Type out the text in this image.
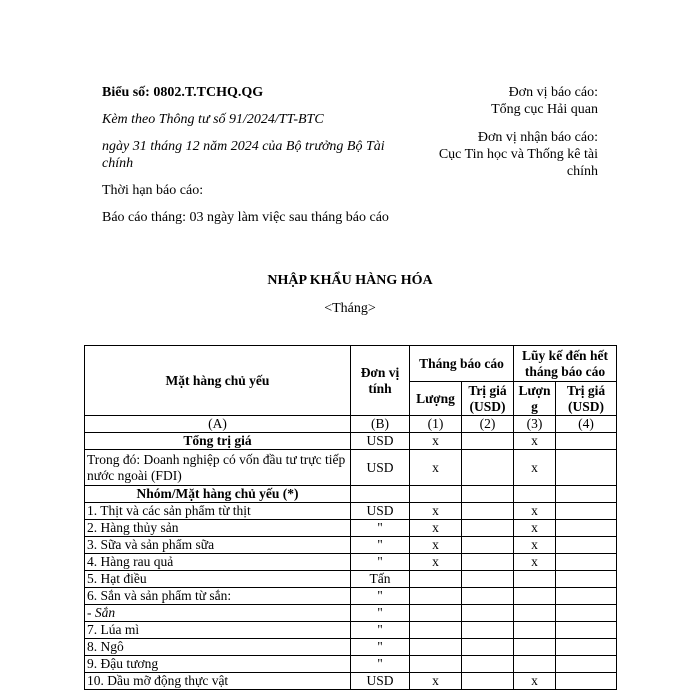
Biểu số: 0802.T.TCHQ.QG
Kèm theo Thông tư số 91/2024/TT-BTC
ngày 31 tháng 12 năm 2024 của Bộ trưởng Bộ Tài chính
Thời hạn báo cáo:
Báo cáo tháng: 03 ngày làm việc sau tháng báo cáo
Đơn vị báo cáo:
Tổng cục Hải quan
Đơn vị nhận báo cáo:
Cục Tin học và Thống kê tài chính
NHẬP KHẨU HÀNG HÓA
<Tháng>
Mặt hàng chủ yếu	Đơn vị tính	Tháng báo cáo		Lũy kế đến hết tháng báo cáo	
		Lượng	Trị giá (USD)	Lượn g	Trị giá (USD)
(A)	(B)	(1)	(2)	(3)	(4)
Tổng trị giá	USD	x		x	
Trong đó: Doanh nghiệp có vốn đầu tư trực tiếp nước ngoài (FDI)	USD	x		x	
Nhóm/Mặt hàng chủ yếu (*)					
1. Thịt và các sản phẩm từ thịt	USD	x		x	
2. Hàng thủy sản	"	x		x	
3. Sữa và sản phẩm sữa	"	x		x	
4. Hàng rau quả	"	x		x	
5. Hạt điều	Tấn				
6. Sắn và sản phẩm từ sắn:	"				
- Sắn	"				
7. Lúa mì	"				
8. Ngô	"				
9. Đậu tương	"				
10. Dầu mỡ động thực vật	USD	x		x	
